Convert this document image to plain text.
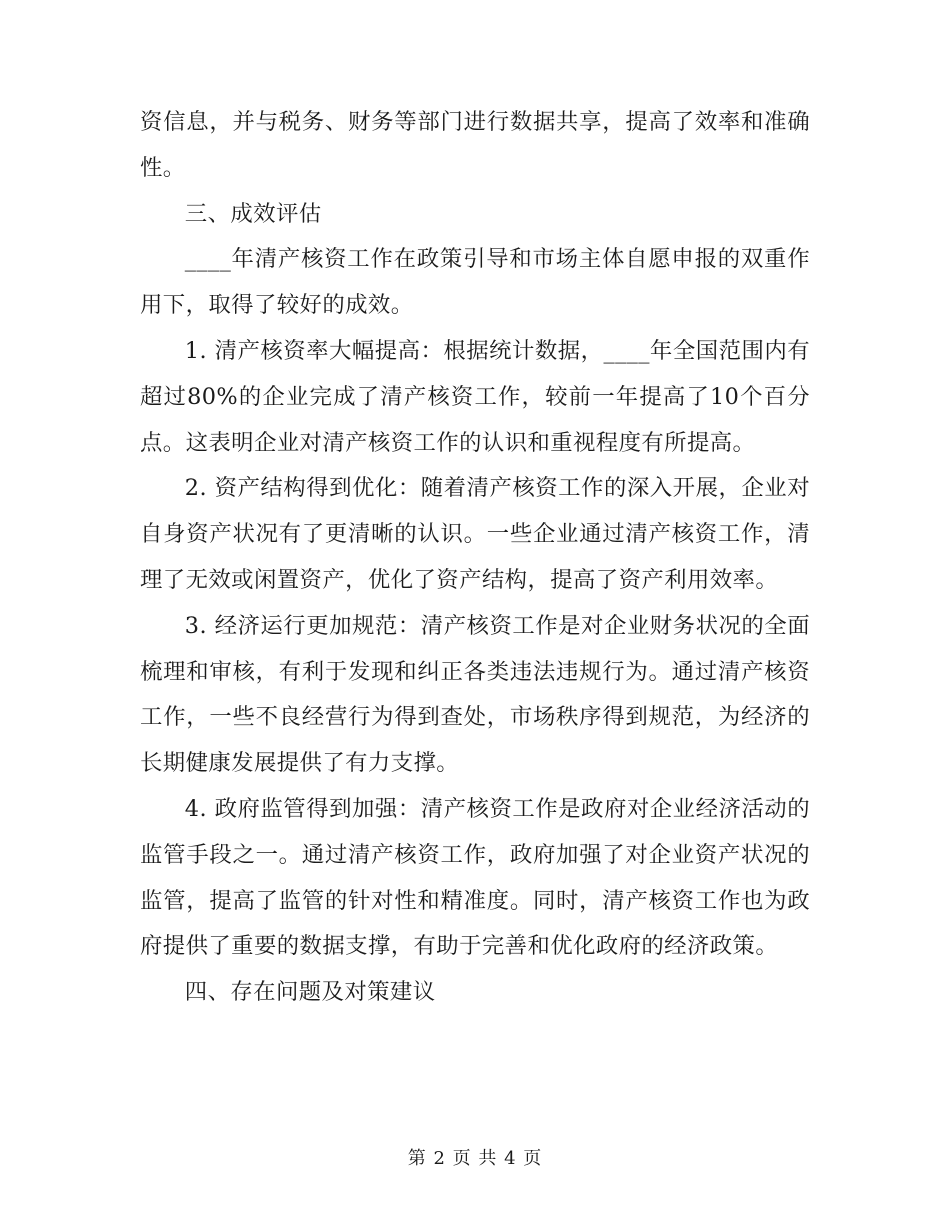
资信息，并与税务、财务等部门进行数据共享，提高了效率和准确性。

三、成效评估

____年清产核资工作在政策引导和市场主体自愿申报的双重作用下，取得了较好的成效。

1. 清产核资率大幅提高：根据统计数据，____年全国范围内有超过80%的企业完成了清产核资工作，较前一年提高了10个百分点。这表明企业对清产核资工作的认识和重视程度有所提高。

2. 资产结构得到优化：随着清产核资工作的深入开展，企业对自身资产状况有了更清晰的认识。一些企业通过清产核资工作，清理了无效或闲置资产，优化了资产结构，提高了资产利用效率。

3. 经济运行更加规范：清产核资工作是对企业财务状况的全面梳理和审核，有利于发现和纠正各类违法违规行为。通过清产核资工作，一些不良经营行为得到查处，市场秩序得到规范，为经济的长期健康发展提供了有力支撑。

4. 政府监管得到加强：清产核资工作是政府对企业经济活动的监管手段之一。通过清产核资工作，政府加强了对企业资产状况的监管，提高了监管的针对性和精准度。同时，清产核资工作也为政府提供了重要的数据支撑，有助于完善和优化政府的经济政策。

四、存在问题及对策建议

第 2 页 共 4 页
